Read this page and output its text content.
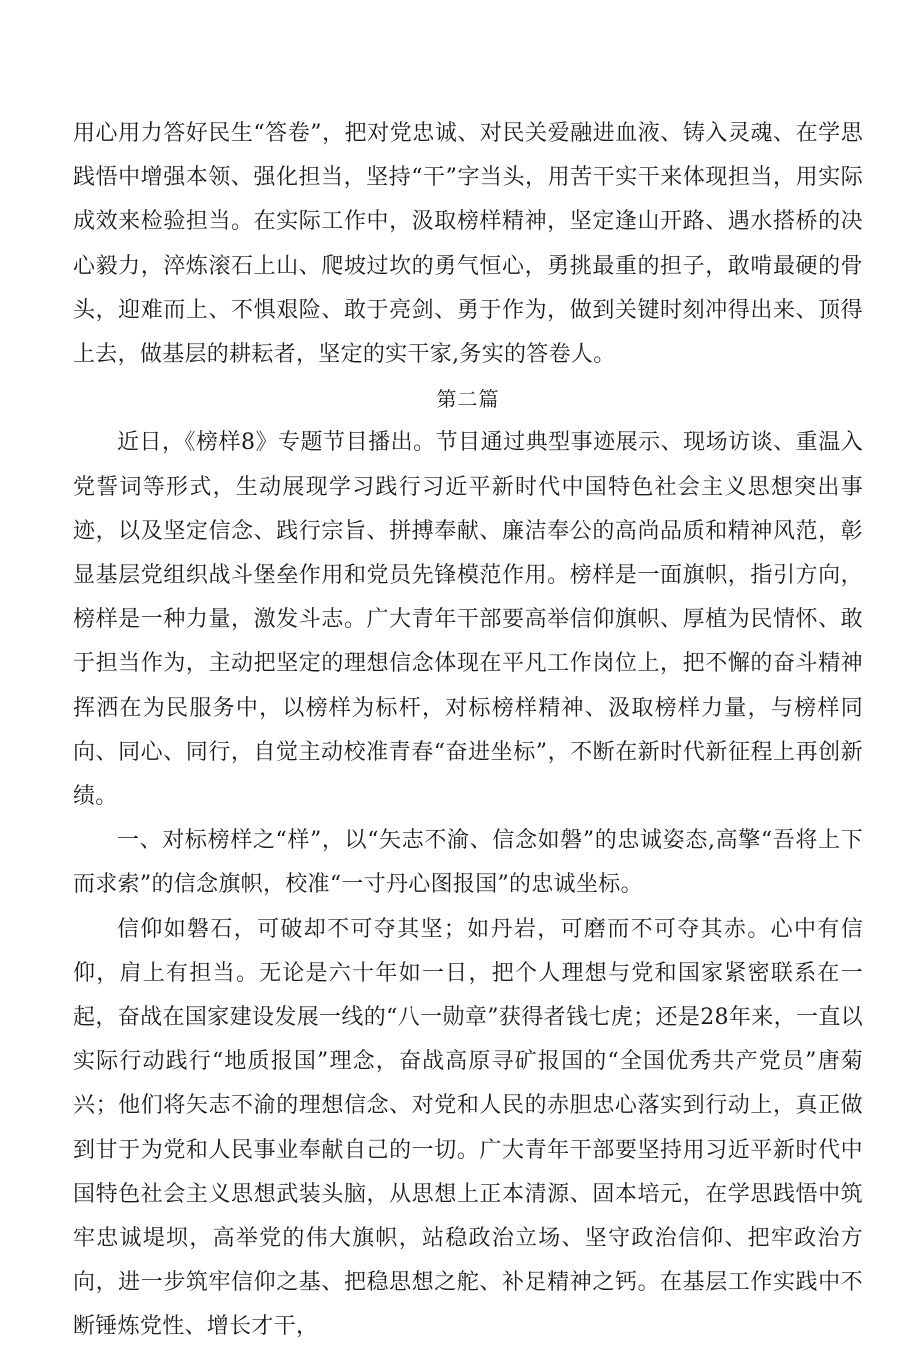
用心用力答好民生“答卷”，把对党忠诚、对民关爱融进血液、铸入灵魂、在学思践悟中增强本领、强化担当，坚持“干”字当头，用苦干实干来体现担当，用实际成效来检验担当。在实际工作中，汲取榜样精神，坚定逢山开路、遇水搭桥的决心毅力，淬炼滚石上山、爬坡过坎的勇气恒心，勇挑最重的担子，敢啃最硬的骨头，迎难而上、不惧艰险、敢于亮剑、勇于作为，做到关键时刻冲得出来、顶得上去，做基层的耕耘者，坚定的实干家,务实的答卷人。

第二篇

近日，《榜样8》专题节目播出。节目通过典型事迹展示、现场访谈、重温入党誓词等形式，生动展现学习践行习近平新时代中国特色社会主义思想突出事迹，以及坚定信念、践行宗旨、拼搏奉献、廉洁奉公的高尚品质和精神风范，彰显基层党组织战斗堡垒作用和党员先锋模范作用。榜样是一面旗帜，指引方向，榜样是一种力量，激发斗志。广大青年干部要高举信仰旗帜、厚植为民情怀、敢于担当作为，主动把坚定的理想信念体现在平凡工作岗位上，把不懈的奋斗精神挥洒在为民服务中，以榜样为标杆，对标榜样精神、汲取榜样力量，与榜样同向、同心、同行，自觉主动校准青春“奋进坐标”，不断在新时代新征程上再创新绩。

一、对标榜样之“样”，以“矢志不渝、信念如磐”的忠诚姿态,高擎“吾将上下而求索”的信念旗帜，校准“一寸丹心图报国”的忠诚坐标。

信仰如磐石，可破却不可夺其坚；如丹岩，可磨而不可夺其赤。心中有信仰，肩上有担当。无论是六十年如一日，把个人理想与党和国家紧密联系在一起，奋战在国家建设发展一线的“八一勋章”获得者钱七虎；还是28年来，一直以实际行动践行“地质报国”理念，奋战高原寻矿报国的“全国优秀共产党员”唐菊兴；他们将矢志不渝的理想信念、对党和人民的赤胆忠心落实到行动上，真正做到甘于为党和人民事业奉献自己的一切。广大青年干部要坚持用习近平新时代中国特色社会主义思想武装头脑，从思想上正本清源、固本培元，在学思践悟中筑牢忠诚堤坝，高举党的伟大旗帜，站稳政治立场、坚守政治信仰、把牢政治方向，进一步筑牢信仰之基、把稳思想之舵、补足精神之钙。在基层工作实践中不断锤炼党性、增长才干，
